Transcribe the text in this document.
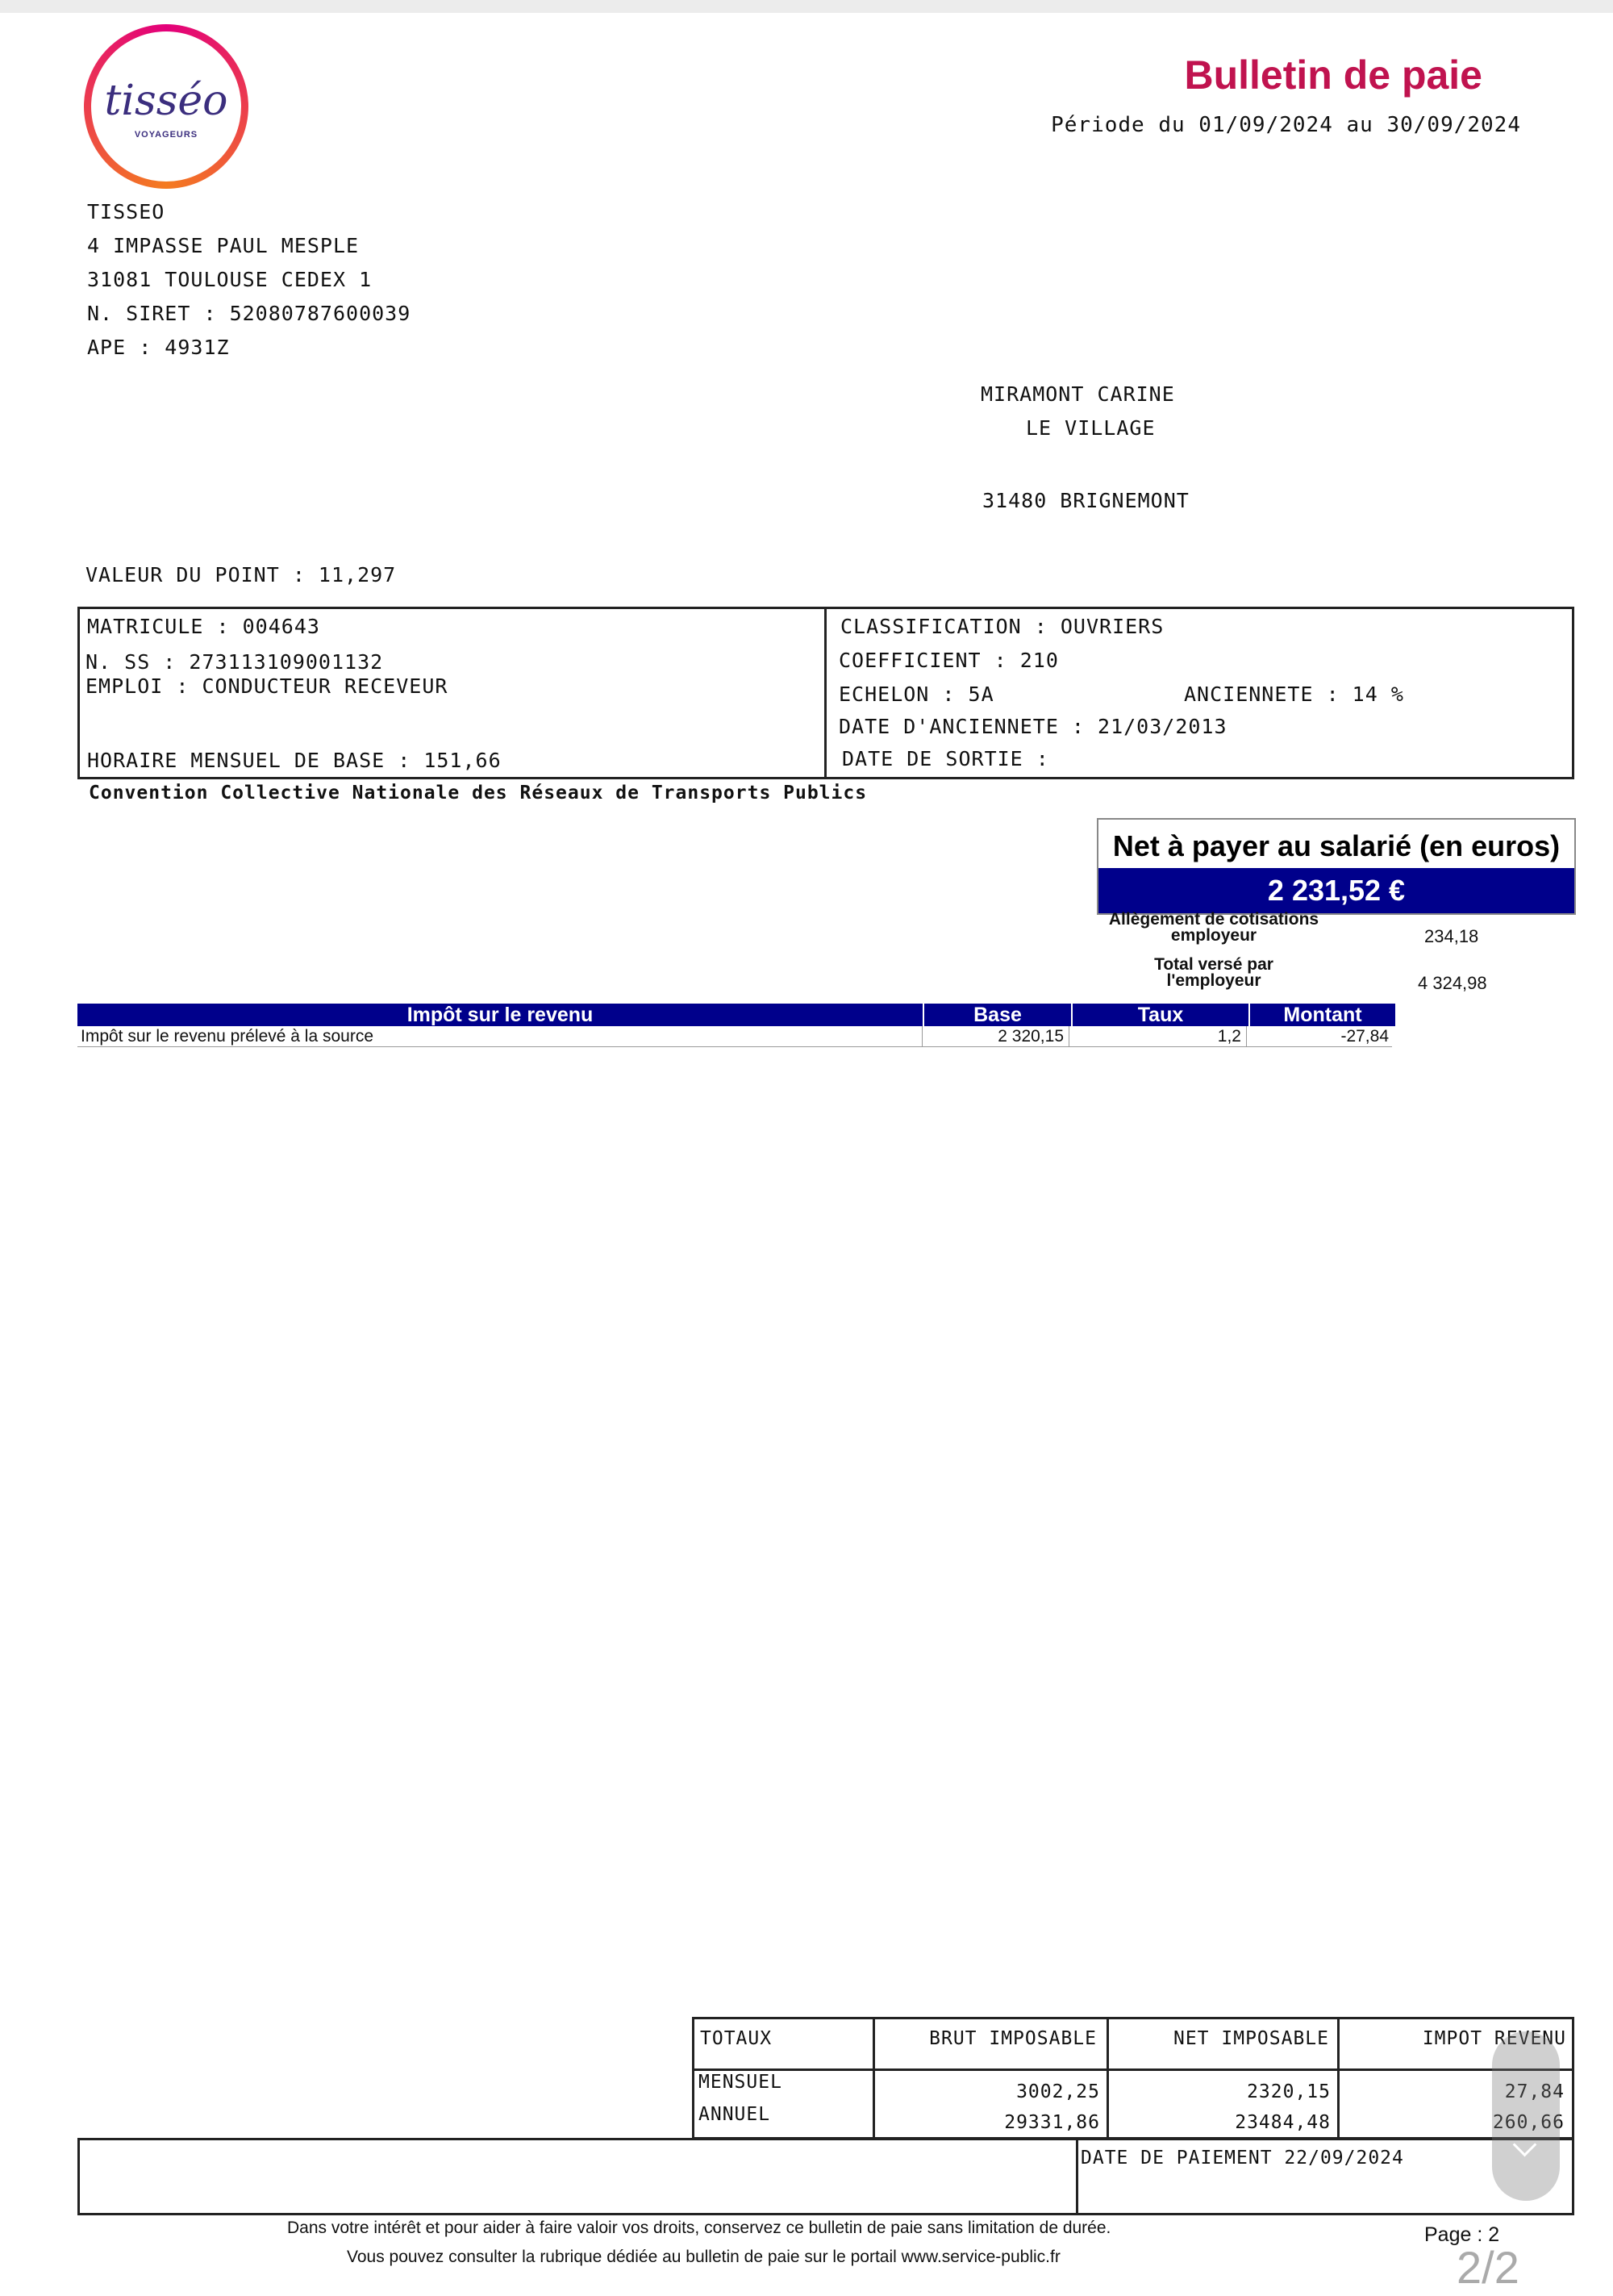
tisséo
VOYAGEURS
Bulletin de paie
Période du 01/09/2024 au 30/09/2024
TISSEO
4 IMPASSE PAUL MESPLE
31081 TOULOUSE CEDEX 1
N. SIRET : 52080787600039
APE : 4931Z
MIRAMONT CARINE
LE VILLAGE
31480 BRIGNEMONT
VALEUR DU POINT : 11,297
MATRICULE : 004643
N. SS : 273113109001132
EMPLOI : CONDUCTEUR RECEVEUR
HORAIRE MENSUEL DE BASE : 151,66
CLASSIFICATION : OUVRIERS
COEFFICIENT : 210
ECHELON : 5A	ANCIENNETE : 14 %
DATE D'ANCIENNETE : 21/03/2013
DATE DE SORTIE :
Convention Collective Nationale des Réseaux de Transports Publics
Net à payer au salarié (en euros)
2 231,52 €
Allègement de cotisations
employeur	234,18
Total versé par
l'employeur	4 324,98
Impôt sur le revenu	Base	Taux	Montant
Impôt sur le revenu prélevé à la source	2 320,15	1,2	-27,84
TOTAUX	BRUT IMPOSABLE	NET IMPOSABLE	IMPOT REVENU
MENSUEL	3002,25	2320,15	27,84
ANNUEL	29331,86	23484,48	260,66
DATE DE PAIEMENT 22/09/2024
Dans votre intérêt et pour aider à faire valoir vos droits, conservez ce bulletin de paie sans limitation de durée.
Vous pouvez consulter la rubrique dédiée au bulletin de paie sur le portail www.service-public.fr
Page : 2
2/2
